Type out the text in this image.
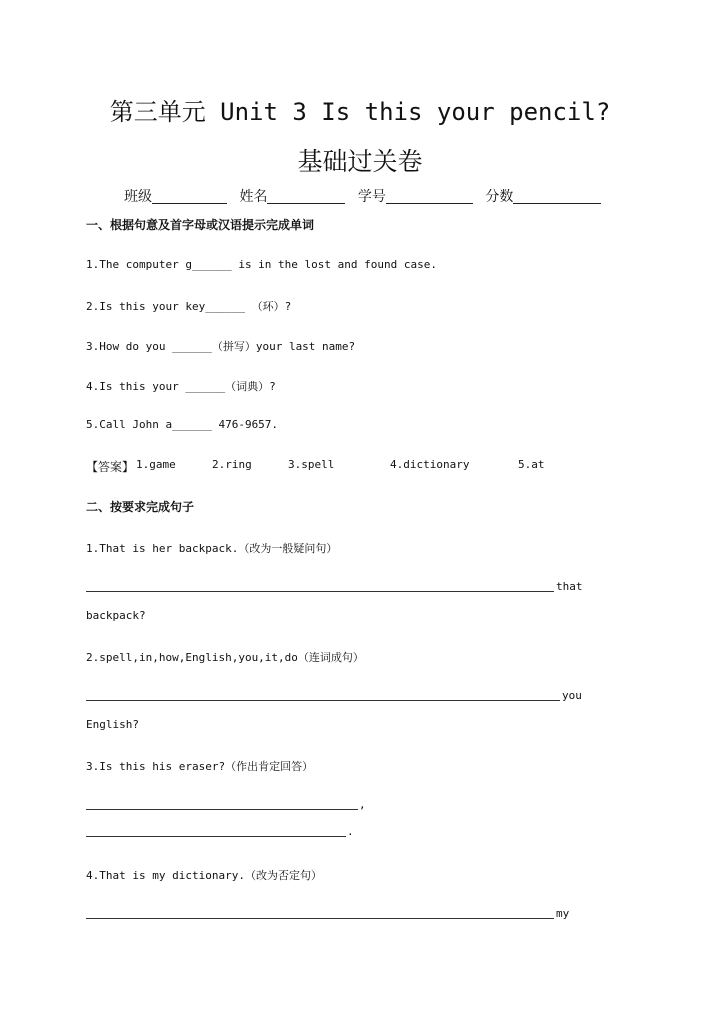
第三单元 Unit 3 Is this your pencil?
基础过关卷
班级	姓名	学号	分数
一、根据句意及首字母或汉语提示完成单词
1.The computer g______ is in the lost and found case.
2.Is this your key______ （环）?
3.How do you ______（拼写）your last name?
4.Is this your ______（词典）?
5.Call John a______ 476-9657.
【答案】 1.game	2.ring	3.spell	4.dictionary	5.at
二、按要求完成句子
1.That is her backpack.（改为一般疑问句）
that
backpack?
2.spell,in,how,English,you,it,do（连词成句）
you
English?
3.Is this his eraser?（作出肯定回答）
,
.
4.That is my dictionary.（改为否定句）
my
